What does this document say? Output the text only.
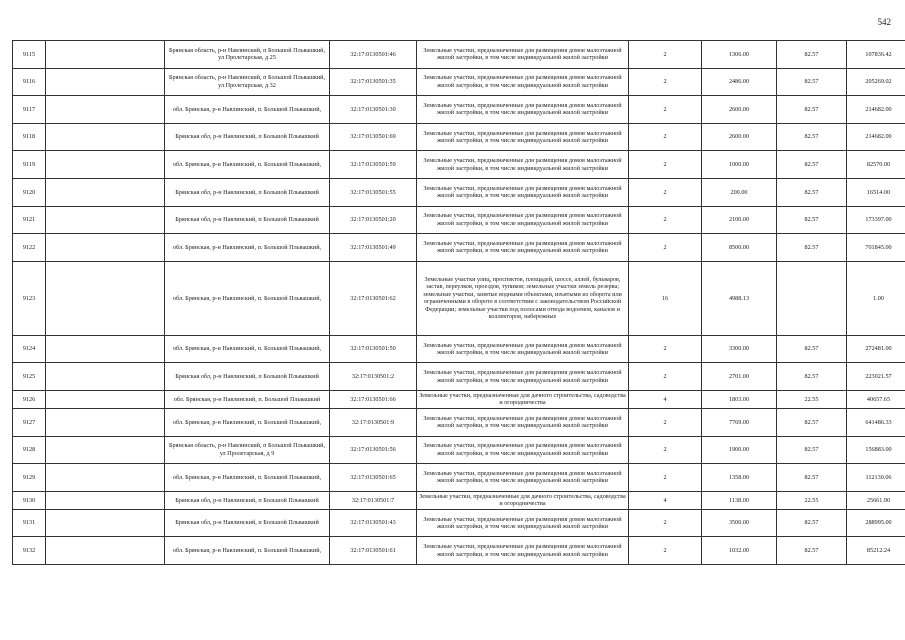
542
9115		Брянская область, р-н Навлинский, п Большой Пльвашкий, ул Пролетарская, д 25	32:17:0130501:46	Земельные участки, предназначенные для размещения домов малоэтажной жилой застройки, в том числе индивидуальной жилой застройки	2	1306.00	82.57	107836.42
9116		Брянская область, р-н Навлинский, п Большой Пльвашкий, ул Пролетарская, д 32	32:17:0130501:35	Земельные участки, предназначенные для размещения домов малоэтажной жилой застройки, в том числе индивидуальной жилой застройки	2	2486.00	82.57	205269.02
9117		обл. Брянская, р-н Навлинский, п. Большой Пльвашкий,	32:17:0130501:30	Земельные участки, предназначенные для размещения домов малоэтажной жилой застройки, в том числе индивидуальной жилой застройки	2	2600.00	82.57	214682.00
9118		Брянская обл, р-н Навлинский, п Большой Пльвашкий	32:17:0130501:69	Земельные участки, предназначенные для размещения домов малоэтажной жилой застройки, в том числе индивидуальной жилой застройки	2	2600.00	82.57	214682.00
9119		обл. Брянская, р-н Навлинский, п. Большой Пльвашкий,	32:17:0130501:59	Земельные участки, предназначенные для размещения домов малоэтажной жилой застройки, в том числе индивидуальной жилой застройки	2	1000.00	82.57	82570.00
9120		Брянская обл, р-н Навлинский, п Большой Пльвашкий	32:17:0130501:55	Земельные участки, предназначенные для размещения домов малоэтажной жилой застройки, в том числе индивидуальной жилой застройки	2	200.00	82.57	16514.00
9121		Брянская обл, р-н Навлинский, п Большой Пльвашкий	32:17:0130501:20	Земельные участки, предназначенные для размещения домов малоэтажной жилой застройки, в том числе индивидуальной жилой застройки	2	2100.00	82.57	173397.00
9122		обл. Брянская, р-н Навлинский, п. Большой Пльвашкий,	32:17:0130501:49	Земельные участки, предназначенные для размещения домов малоэтажной жилой застройки, в том числе индивидуальной жилой застройки	2	8500.00	82.57	701845.00
9123		обл. Брянская, р-н Навлинский, п. Большой Пльвашкий,	32:17:0130501:62	Земельные участки улиц, проспектов, площадей, шоссе, аллей, бульваров, застав, переулков, проездов, тупиков; земельные участки земель резерва; земельные участки, занятые водными объектами, изъятыми из оборота или ограниченными в обороте в соответствии с законодательством Российской Федерации; земельные участки под полосами отвода водоемов, каналов и коллекторов, набережные	16	4988.13		1.00
9124		обл. Брянская, р-н Навлинский, п. Большой Пльвашкий,	32:17:0130501:50	Земельные участки, предназначенные для размещения домов малоэтажной жилой застройки, в том числе индивидуальной жилой застройки	2	3300.00	82.57	272481.00
9125		Брянская обл, р-н Навлинский, п Большой Пльвашкий	32:17:0130501:2	Земельные участки, предназначенные для размещения домов малоэтажной жилой застройки, в том числе индивидуальной жилой застройки	2	2701.00	82.57	223021.57
9126		обл. Брянская, р-н Навлинский, п. Большой Пльвашкий	32:17:0130501:66	Земельные участки, предназначенные для дачного строительства, садоводства и огородничества	4	1803.00	22.55	40657.65
9127		обл. Брянская, р-н Навлинский, п. Большой Пльвашкий,	32:17:0130501:9	Земельные участки, предназначенные для размещения домов малоэтажной жилой застройки, в том числе индивидуальной жилой застройки	2	7769.00	82.57	641486.33
9128		Брянская область, р-н Навлинский, п Большой Пльвашкий, ул Пролетарская, д 9	32:17:0130501:56	Земельные участки, предназначенные для размещения домов малоэтажной жилой застройки, в том числе индивидуальной жилой застройки	2	1900.00	82.57	156883.00
9129		обл. Брянская, р-н Навлинский, п. Большой Пльвашкий,	32:17:0130501:65	Земельные участки, предназначенные для размещения домов малоэтажной жилой застройки, в том числе индивидуальной жилой застройки	2	1358.00	82.57	112130.06
9130		Брянская обл, р-н Навлинский, п Большой Пльвашкий	32:17:0130501:7	Земельные участки, предназначенные для дачного строительства, садоводства и огородничества	4	1138.00	22.55	25661.90
9131		Брянская обл, р-н Навлинский, п Большой Пльвашкий	32:17:0130501:43	Земельные участки, предназначенные для размещения домов малоэтажной жилой застройки, в том числе индивидуальной жилой застройки	2	3500.00	82.57	288995.00
9132		обл. Брянская, р-н Навлинский, п. Большой Пльвашкий,	32:17:0130501:61	Земельные участки, предназначенные для размещения домов малоэтажной жилой застройки, в том числе индивидуальной жилой застройки	2	1032.00	82.57	85212.24
